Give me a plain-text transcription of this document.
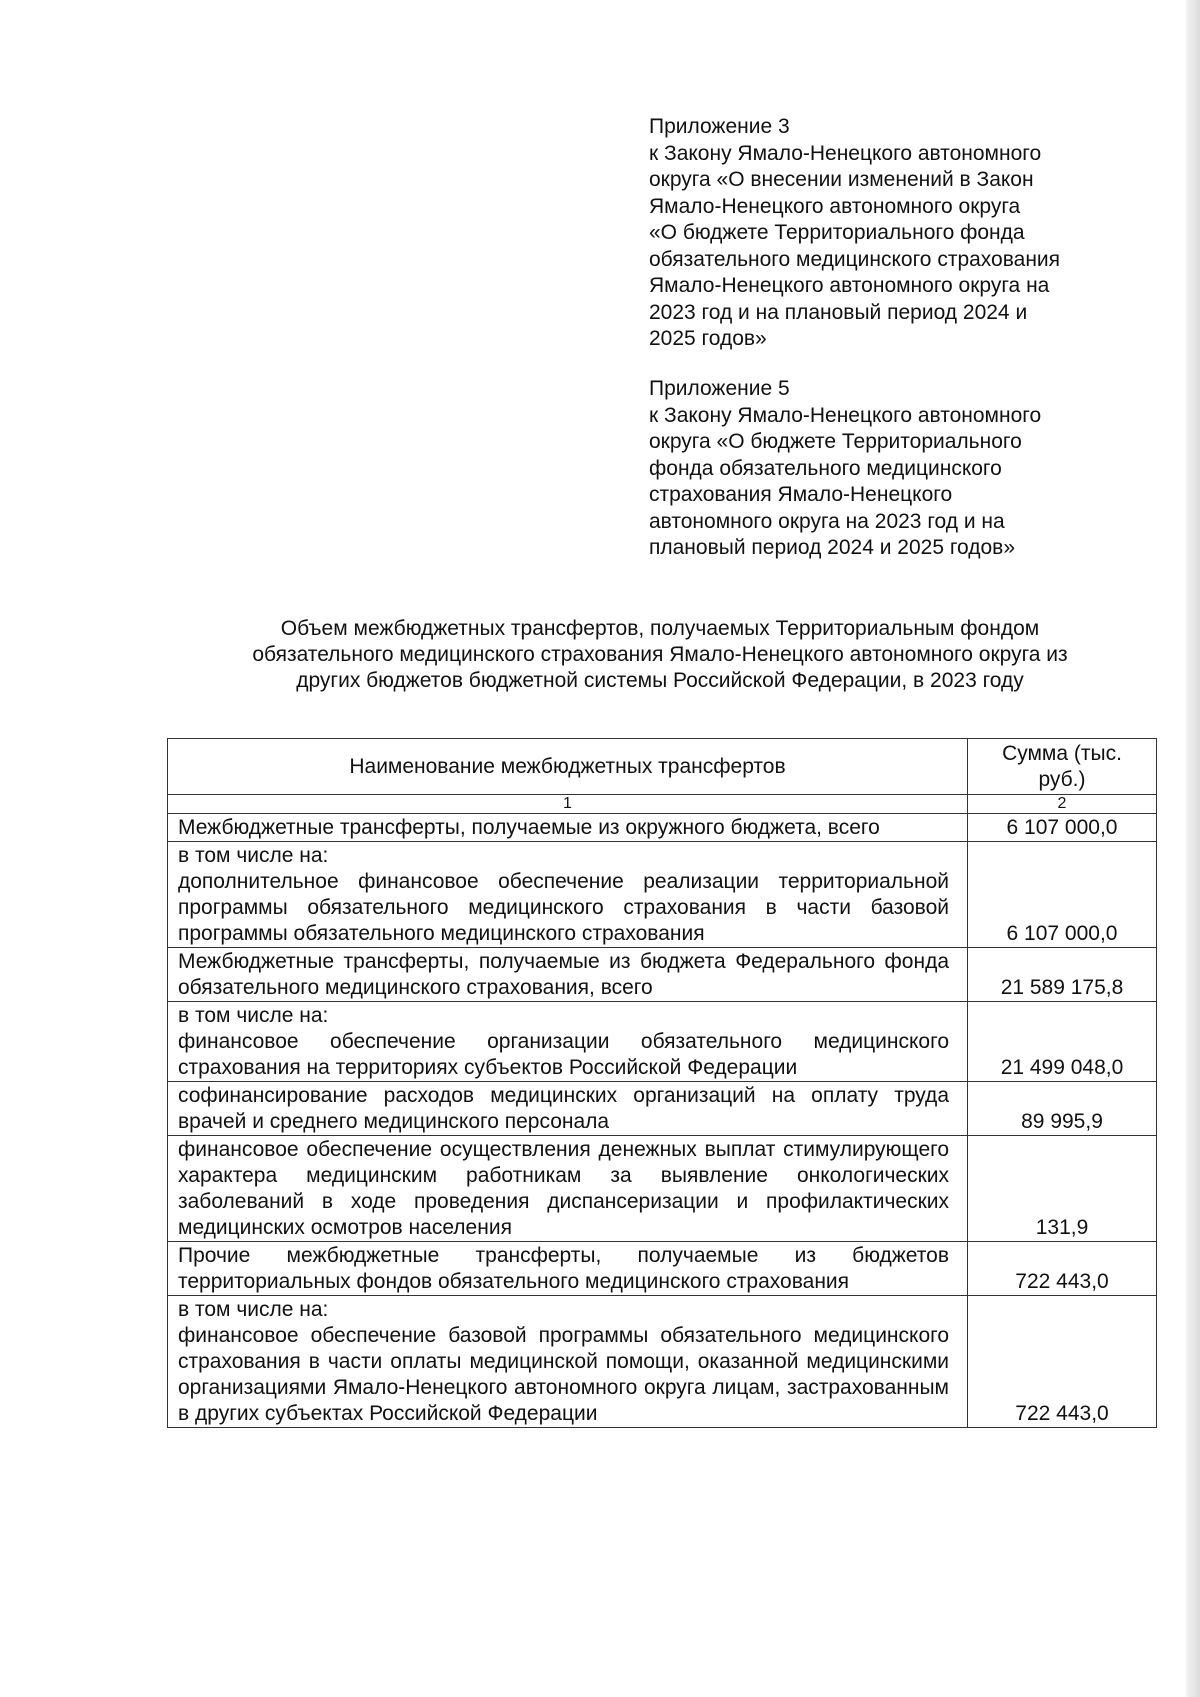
Приложение 3
к Закону Ямало-Ненецкого автономного
округа «О внесении изменений в Закон
Ямало-Ненецкого автономного округа
«О бюджете Территориального фонда
обязательного медицинского страхования
Ямало-Ненецкого автономного округа на
2023 год и на плановый период 2024 и
2025 годов»
Приложение 5
к Закону Ямало-Ненецкого автономного
округа «О бюджете Территориального
фонда обязательного медицинского
страхования Ямало-Ненецкого
автономного округа на 2023 год и на
плановый период 2024 и 2025 годов»
Объем межбюджетных трансфертов, получаемых Территориальным фондом
обязательного медицинского страхования Ямало-Ненецкого автономного округа из
других бюджетов бюджетной системы Российской Федерации, в 2023 году
Наименование межбюджетных трансфертов	Сумма (тыс. руб.)
1	2
Межбюджетные трансферты, получаемые из окружного бюджета, всего	6 107 000,0

в том числе на:
дополнительное финансовое обеспечение реализации территориальной программы обязательного медицинского страхования в части базовой программы обязательного медицинского страхования	6 107 000,0
Межбюджетные трансферты, получаемые из бюджета Федерального фонда обязательного медицинского страхования, всего	21 589 175,8

в том числе на:
финансовое обеспечение организации обязательного медицинского страхования на территориях субъектов Российской Федерации	21 499 048,0
софинансирование расходов медицинских организаций на оплату труда врачей и среднего медицинского персонала	89 995,9
финансовое обеспечение осуществления денежных выплат стимулирующего характера медицинским работникам за выявление онкологических заболеваний в ходе проведения диспансеризации и профилактических медицинских осмотров населения	131,9
Прочие межбюджетные трансферты, получаемые из бюджетов территориальных фондов обязательного медицинского страхования	722 443,0

в том числе на:
финансовое обеспечение базовой программы обязательного медицинского страхования в части оплаты медицинской помощи, оказанной медицинскими организациями Ямало-Ненецкого автономного округа лицам, застрахованным в других субъектах Российской Федерации	722 443,0
